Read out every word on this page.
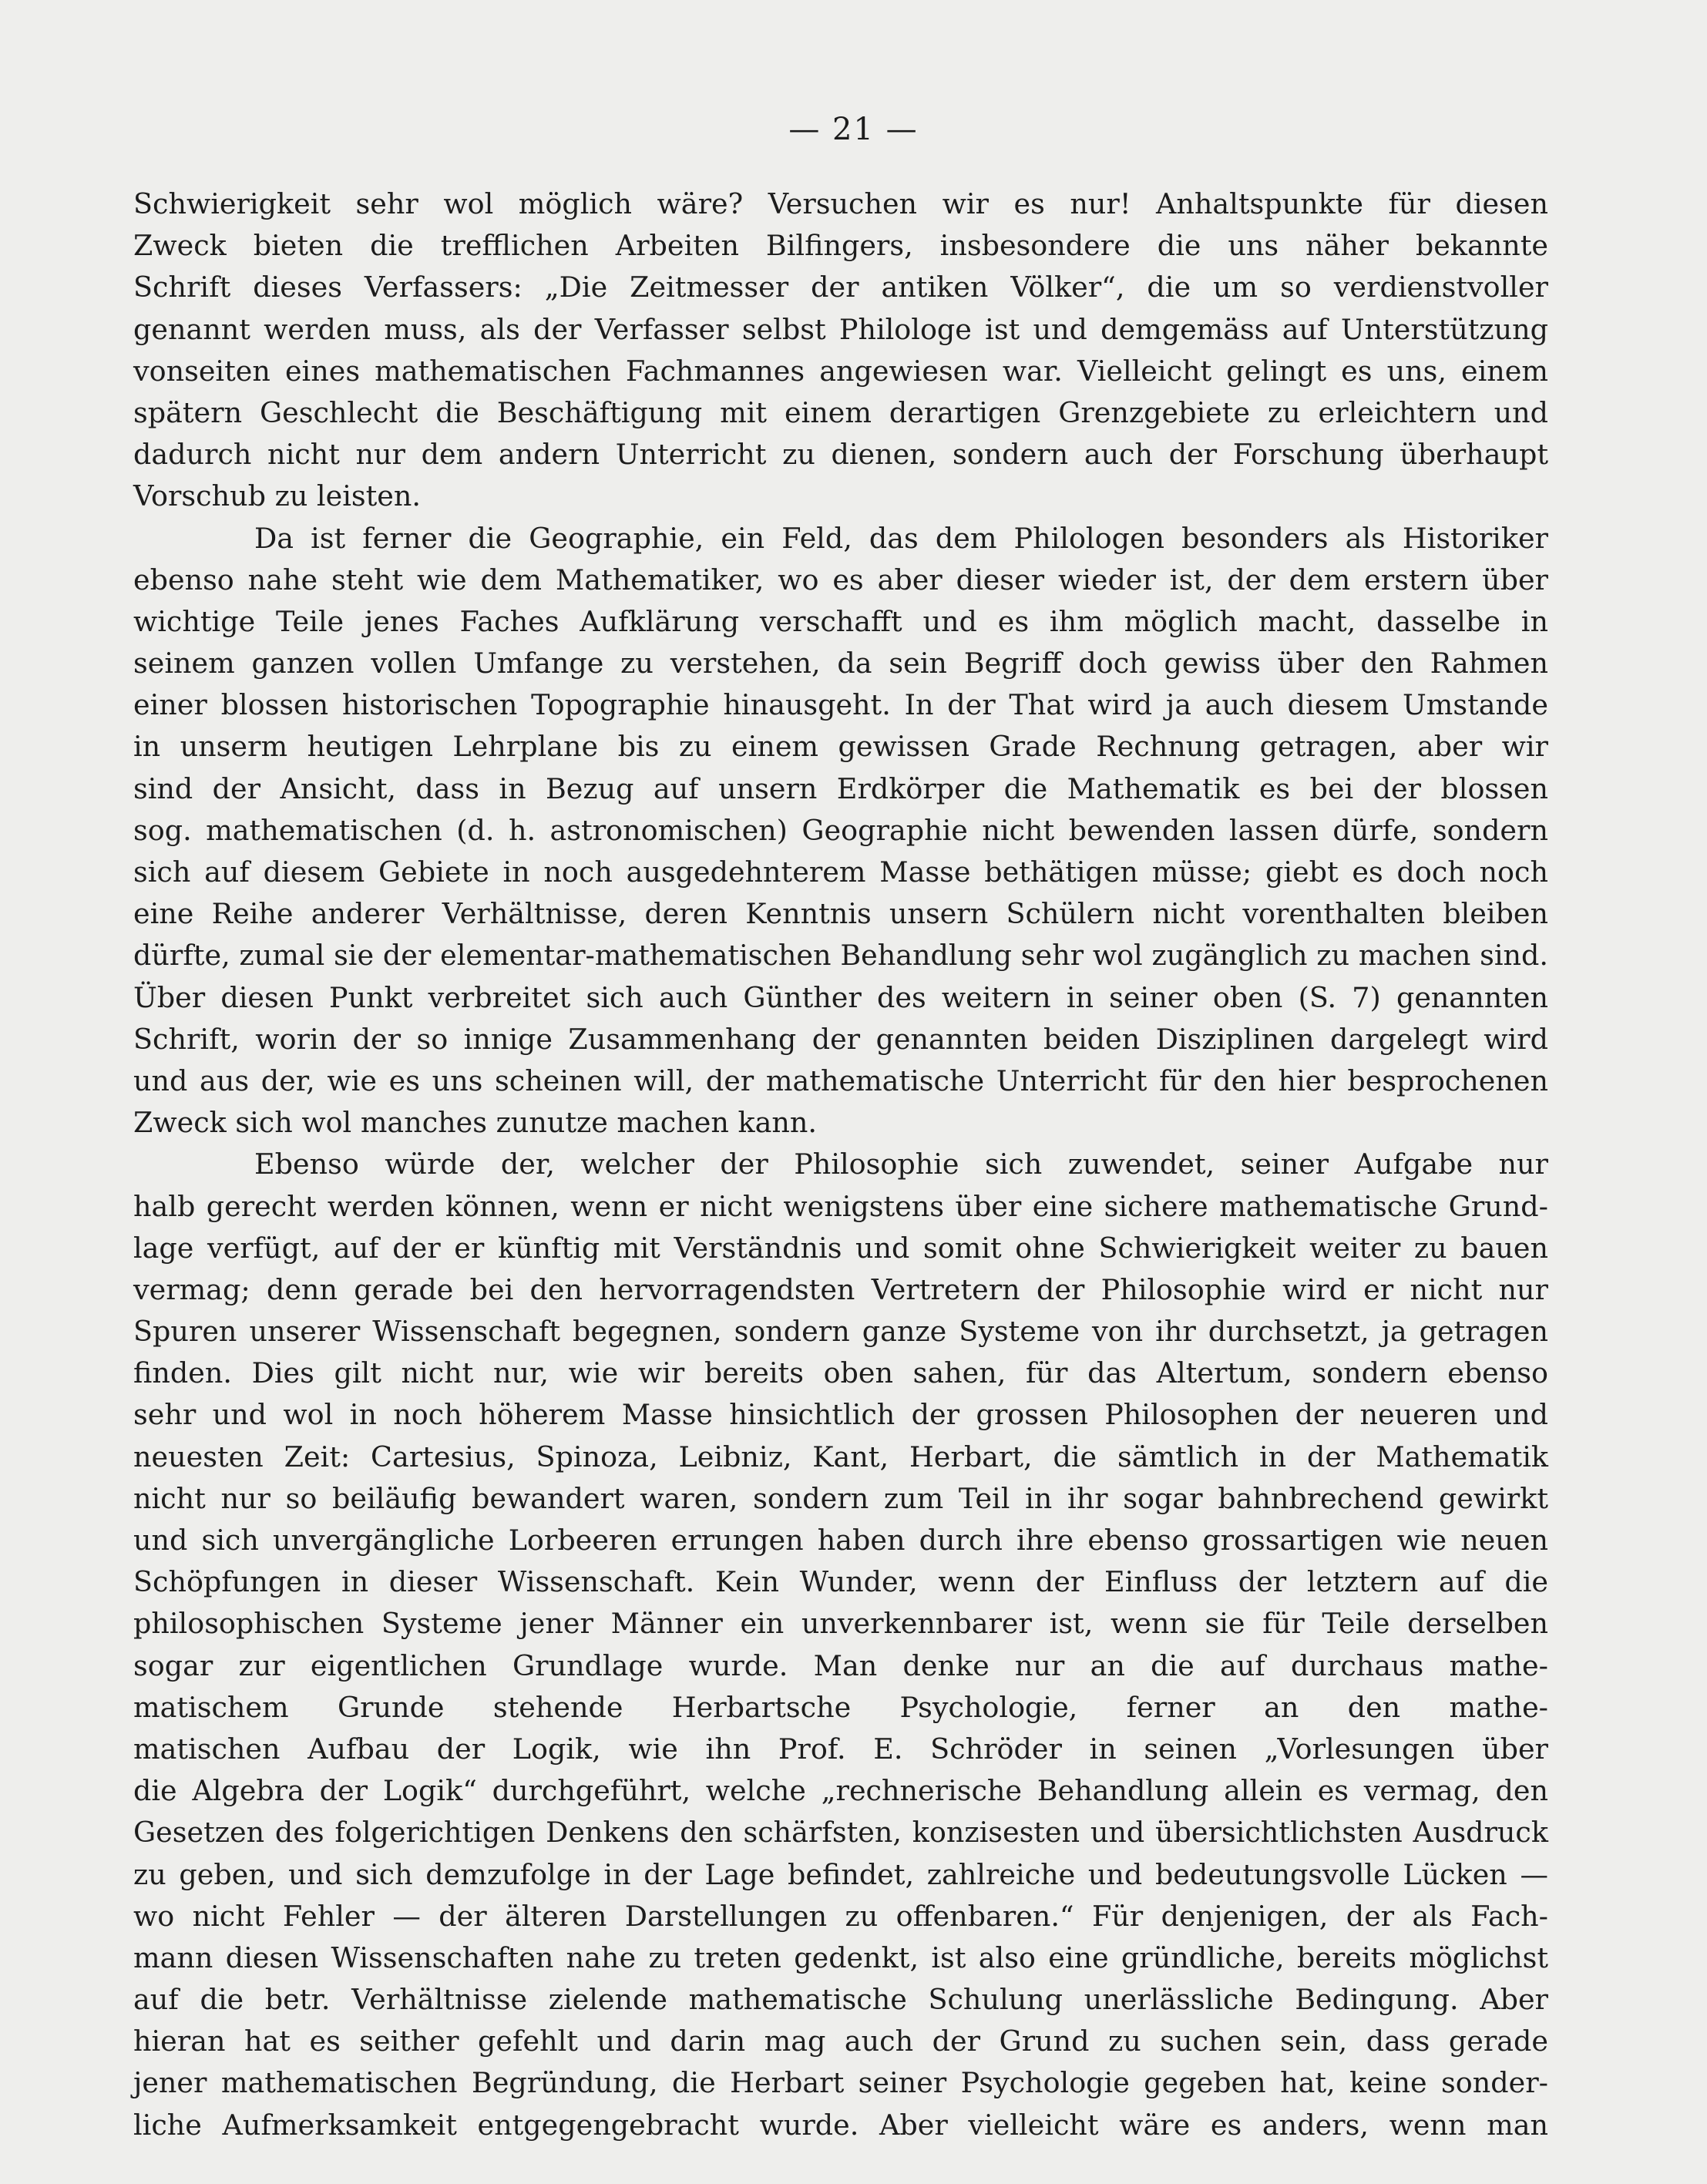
— 21 —
Schwierigkeit sehr wol möglich wäre? Versuchen wir es nur! Anhaltspunkte für diesen
Zweck bieten die trefflichen Arbeiten Bilfingers, insbesondere die uns näher bekannte
Schrift dieses Verfassers: „Die Zeitmesser der antiken Völker“, die um so verdienstvoller
genannt werden muss, als der Verfasser selbst Philologe ist und demgemäss auf Unterstützung
vonseiten eines mathematischen Fachmannes angewiesen war. Vielleicht gelingt es uns, einem
spätern Geschlecht die Beschäftigung mit einem derartigen Grenzgebiete zu erleichtern und
dadurch nicht nur dem andern Unterricht zu dienen, sondern auch der Forschung überhaupt
Vorschub zu leisten.
Da ist ferner die Geographie, ein Feld, das dem Philologen besonders als Historiker
ebenso nahe steht wie dem Mathematiker, wo es aber dieser wieder ist, der dem erstern über
wichtige Teile jenes Faches Aufklärung verschafft und es ihm möglich macht, dasselbe in
seinem ganzen vollen Umfange zu verstehen, da sein Begriff doch gewiss über den Rahmen
einer blossen historischen Topographie hinausgeht. In der That wird ja auch diesem Umstande
in unserm heutigen Lehrplane bis zu einem gewissen Grade Rechnung getragen, aber wir
sind der Ansicht, dass in Bezug auf unsern Erdkörper die Mathematik es bei der blossen
sog. mathematischen (d. h. astronomischen) Geographie nicht bewenden lassen dürfe, sondern
sich auf diesem Gebiete in noch ausgedehnterem Masse bethätigen müsse; giebt es doch noch
eine Reihe anderer Verhältnisse, deren Kenntnis unsern Schülern nicht vorenthalten bleiben
dürfte, zumal sie der elementar-mathematischen Behandlung sehr wol zugänglich zu machen sind.
Über diesen Punkt verbreitet sich auch Günther des weitern in seiner oben (S. 7) genannten
Schrift, worin der so innige Zusammenhang der genannten beiden Disziplinen dargelegt wird
und aus der, wie es uns scheinen will, der mathematische Unterricht für den hier besprochenen
Zweck sich wol manches zunutze machen kann.
Ebenso würde der, welcher der Philosophie sich zuwendet, seiner Aufgabe nur
halb gerecht werden können, wenn er nicht wenigstens über eine sichere mathematische Grund-
lage verfügt, auf der er künftig mit Verständnis und somit ohne Schwierigkeit weiter zu bauen
vermag; denn gerade bei den hervorragendsten Vertretern der Philosophie wird er nicht nur
Spuren unserer Wissenschaft begegnen, sondern ganze Systeme von ihr durchsetzt, ja getragen
finden. Dies gilt nicht nur, wie wir bereits oben sahen, für das Altertum, sondern ebenso
sehr und wol in noch höherem Masse hinsichtlich der grossen Philosophen der neueren und
neuesten Zeit: Cartesius, Spinoza, Leibniz, Kant, Herbart, die sämtlich in der Mathematik
nicht nur so beiläufig bewandert waren, sondern zum Teil in ihr sogar bahnbrechend gewirkt
und sich unvergängliche Lorbeeren errungen haben durch ihre ebenso grossartigen wie neuen
Schöpfungen in dieser Wissenschaft. Kein Wunder, wenn der Einfluss der letztern auf die
philosophischen Systeme jener Männer ein unverkennbarer ist, wenn sie für Teile derselben
sogar zur eigentlichen Grundlage wurde. Man denke nur an die auf durchaus mathe-
matischem Grunde stehende Herbartsche Psychologie, ferner an den mathe-
matischen Aufbau der Logik, wie ihn Prof. E. Schröder in seinen „Vorlesungen über
die Algebra der Logik“ durchgeführt, welche „rechnerische Behandlung allein es vermag, den
Gesetzen des folgerichtigen Denkens den schärfsten, konzisesten und übersichtlichsten Ausdruck
zu geben, und sich demzufolge in der Lage befindet, zahlreiche und bedeutungsvolle Lücken —
wo nicht Fehler — der älteren Darstellungen zu offenbaren.“ Für denjenigen, der als Fach-
mann diesen Wissenschaften nahe zu treten gedenkt, ist also eine gründliche, bereits möglichst
auf die betr. Verhältnisse zielende mathematische Schulung unerlässliche Bedingung. Aber
hieran hat es seither gefehlt und darin mag auch der Grund zu suchen sein, dass gerade
jener mathematischen Begründung, die Herbart seiner Psychologie gegeben hat, keine sonder-
liche Aufmerksamkeit entgegengebracht wurde. Aber vielleicht wäre es anders, wenn man
